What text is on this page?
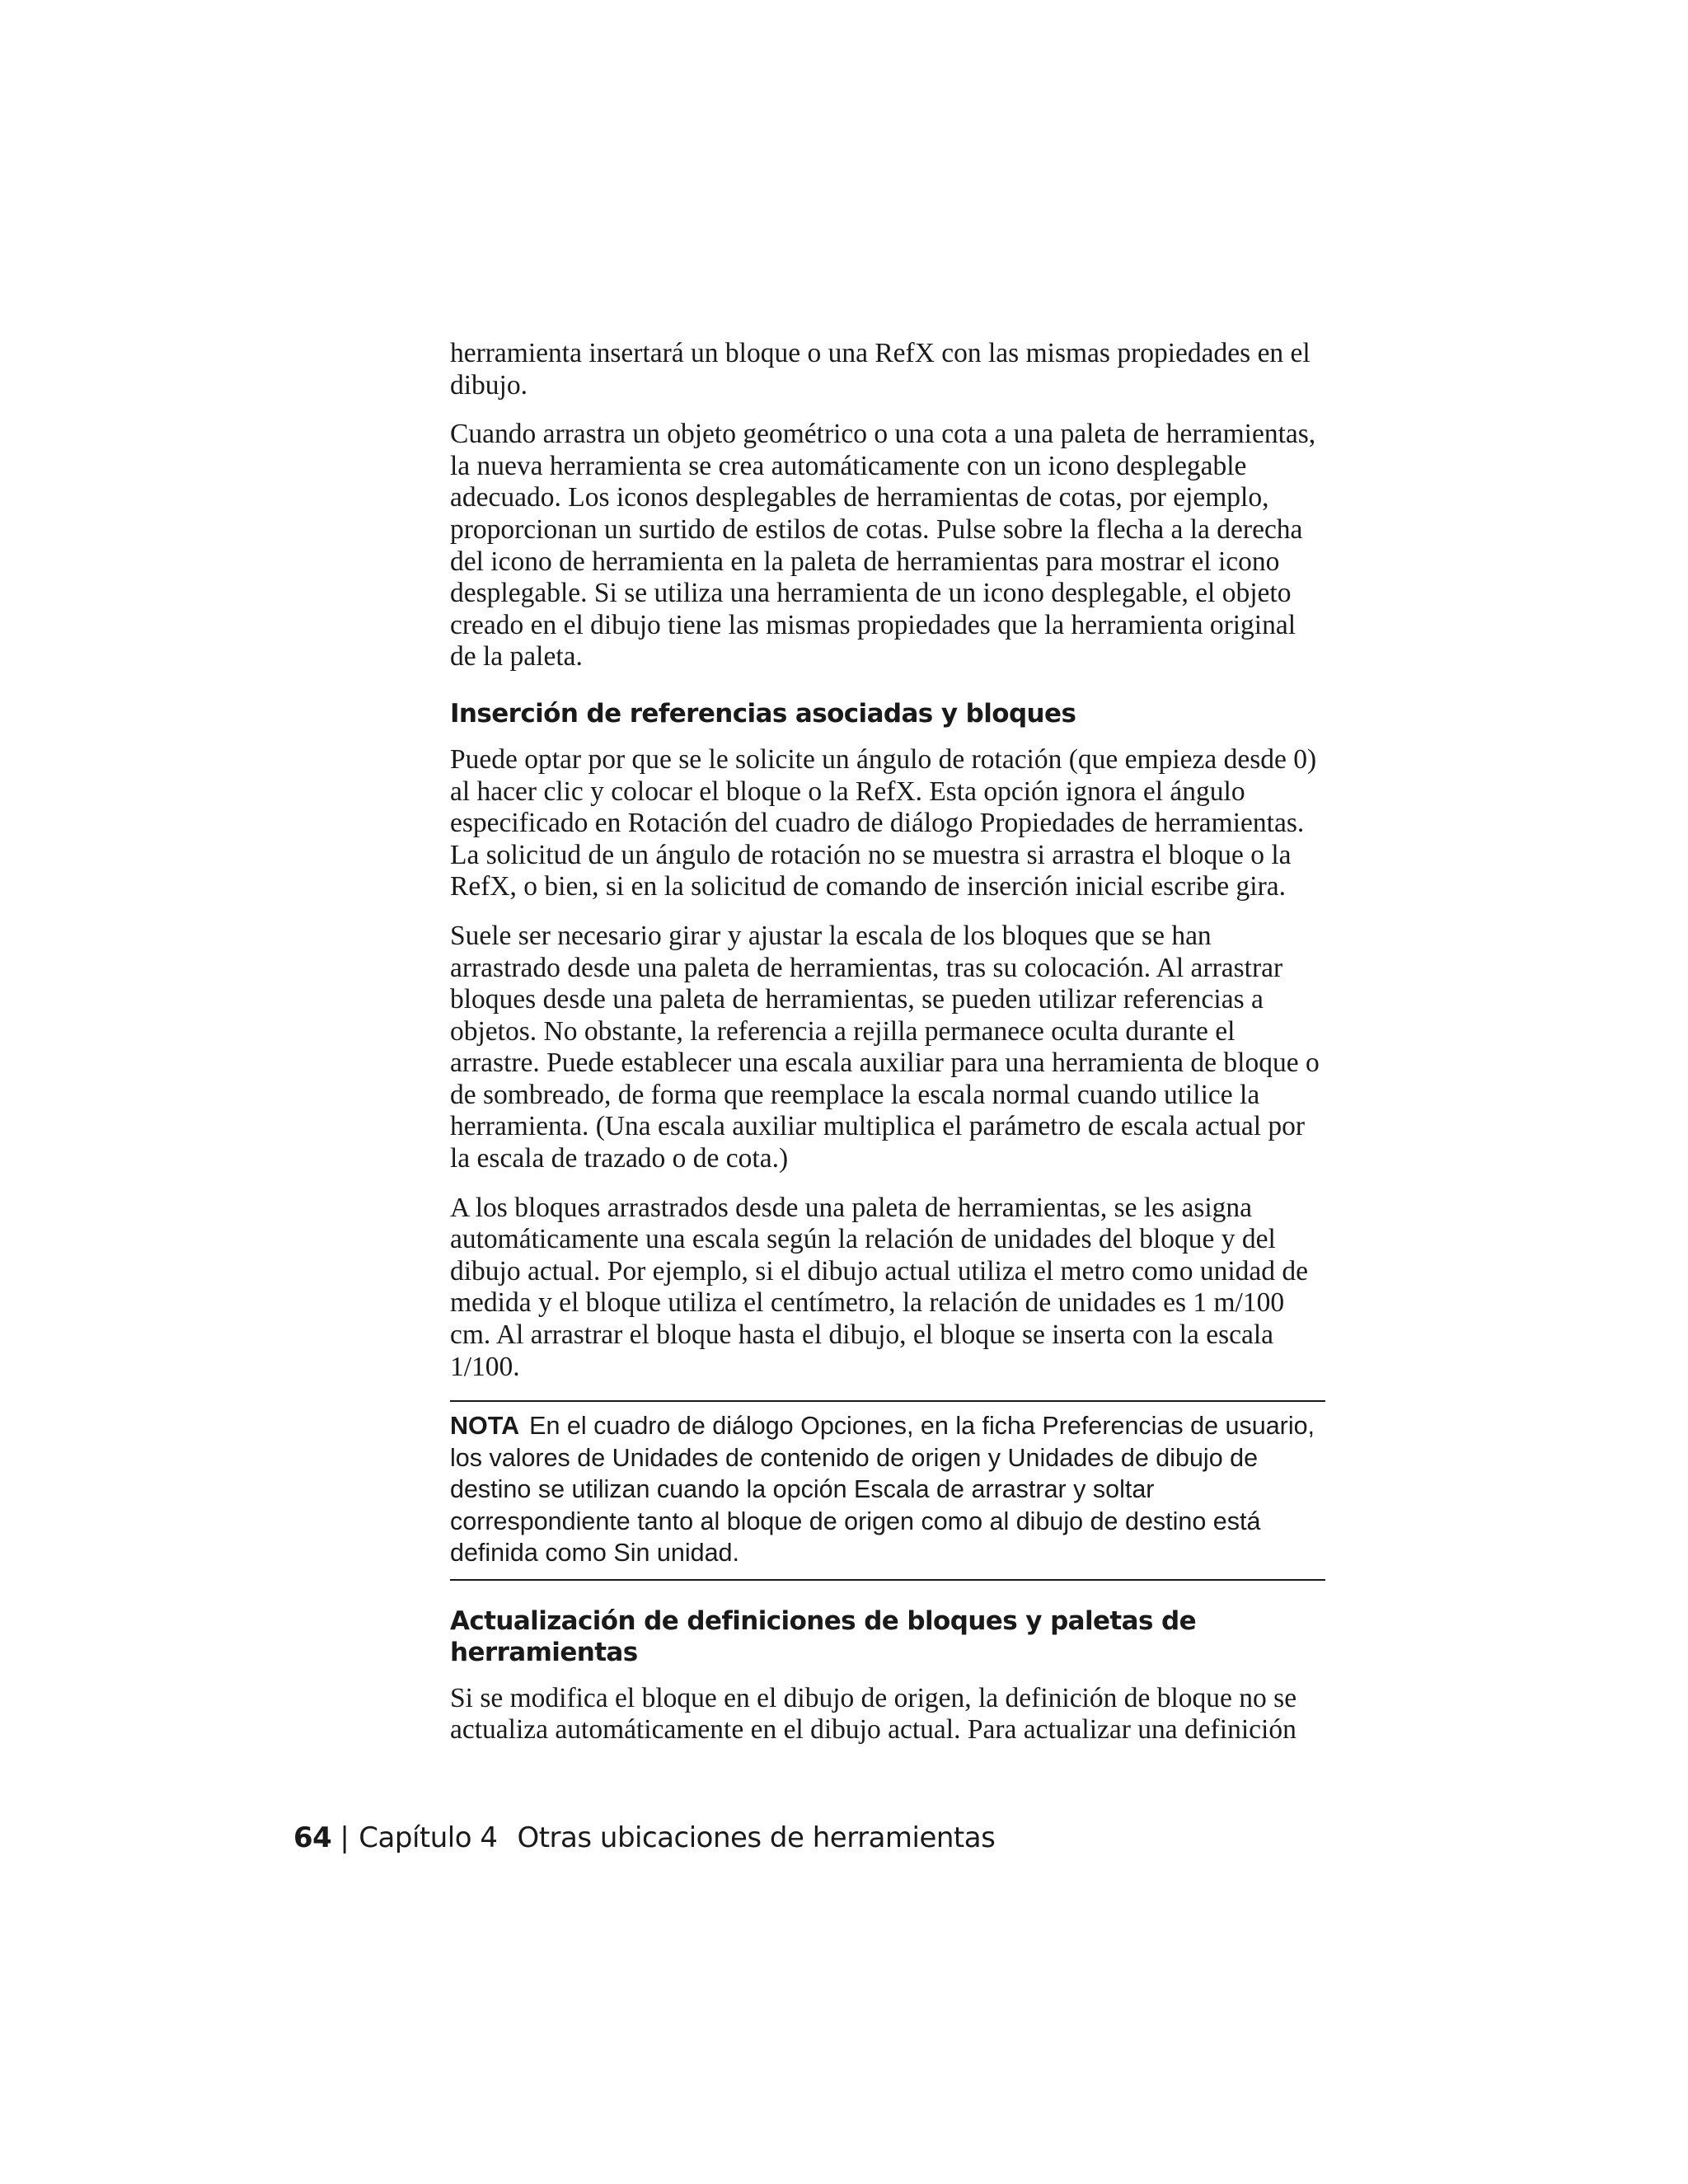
herramienta insertará un bloque o una RefX con las mismas propiedades en el dibujo.

Cuando arrastra un objeto geométrico o una cota a una paleta de herramientas, la nueva herramienta se crea automáticamente con un icono desplegable adecuado. Los iconos desplegables de herramientas de cotas, por ejemplo, proporcionan un surtido de estilos de cotas. Pulse sobre la flecha a la derecha del icono de herramienta en la paleta de herramientas para mostrar el icono desplegable. Si se utiliza una herramienta de un icono desplegable, el objeto creado en el dibujo tiene las mismas propiedades que la herramienta original de la paleta.

Inserción de referencias asociadas y bloques

Puede optar por que se le solicite un ángulo de rotación (que empieza desde 0) al hacer clic y colocar el bloque o la RefX. Esta opción ignora el ángulo especificado en Rotación del cuadro de diálogo Propiedades de herramientas. La solicitud de un ángulo de rotación no se muestra si arrastra el bloque o la RefX, o bien, si en la solicitud de comando de inserción inicial escribe gira.

Suele ser necesario girar y ajustar la escala de los bloques que se han arrastrado desde una paleta de herramientas, tras su colocación. Al arrastrar bloques desde una paleta de herramientas, se pueden utilizar referencias a objetos. No obstante, la referencia a rejilla permanece oculta durante el arrastre. Puede establecer una escala auxiliar para una herramienta de bloque o de sombreado, de forma que reemplace la escala normal cuando utilice la herramienta. (Una escala auxiliar multiplica el parámetro de escala actual por la escala de trazado o de cota.)

A los bloques arrastrados desde una paleta de herramientas, se les asigna automáticamente una escala según la relación de unidades del bloque y del dibujo actual. Por ejemplo, si el dibujo actual utiliza el metro como unidad de medida y el bloque utiliza el centímetro, la relación de unidades es 1 m/100 cm. Al arrastrar el bloque hasta el dibujo, el bloque se inserta con la escala 1/100.

NOTA En el cuadro de diálogo Opciones, en la ficha Preferencias de usuario, los valores de Unidades de contenido de origen y Unidades de dibujo de destino se utilizan cuando la opción Escala de arrastrar y soltar correspondiente tanto al bloque de origen como al dibujo de destino está definida como Sin unidad.
Actualización de definiciones de bloques y paletas de herramientas

Si se modifica el bloque en el dibujo de origen, la definición de bloque no se actualiza automáticamente en el dibujo actual. Para actualizar una definición

64 | Capítulo 4 Otras ubicaciones de herramientas
